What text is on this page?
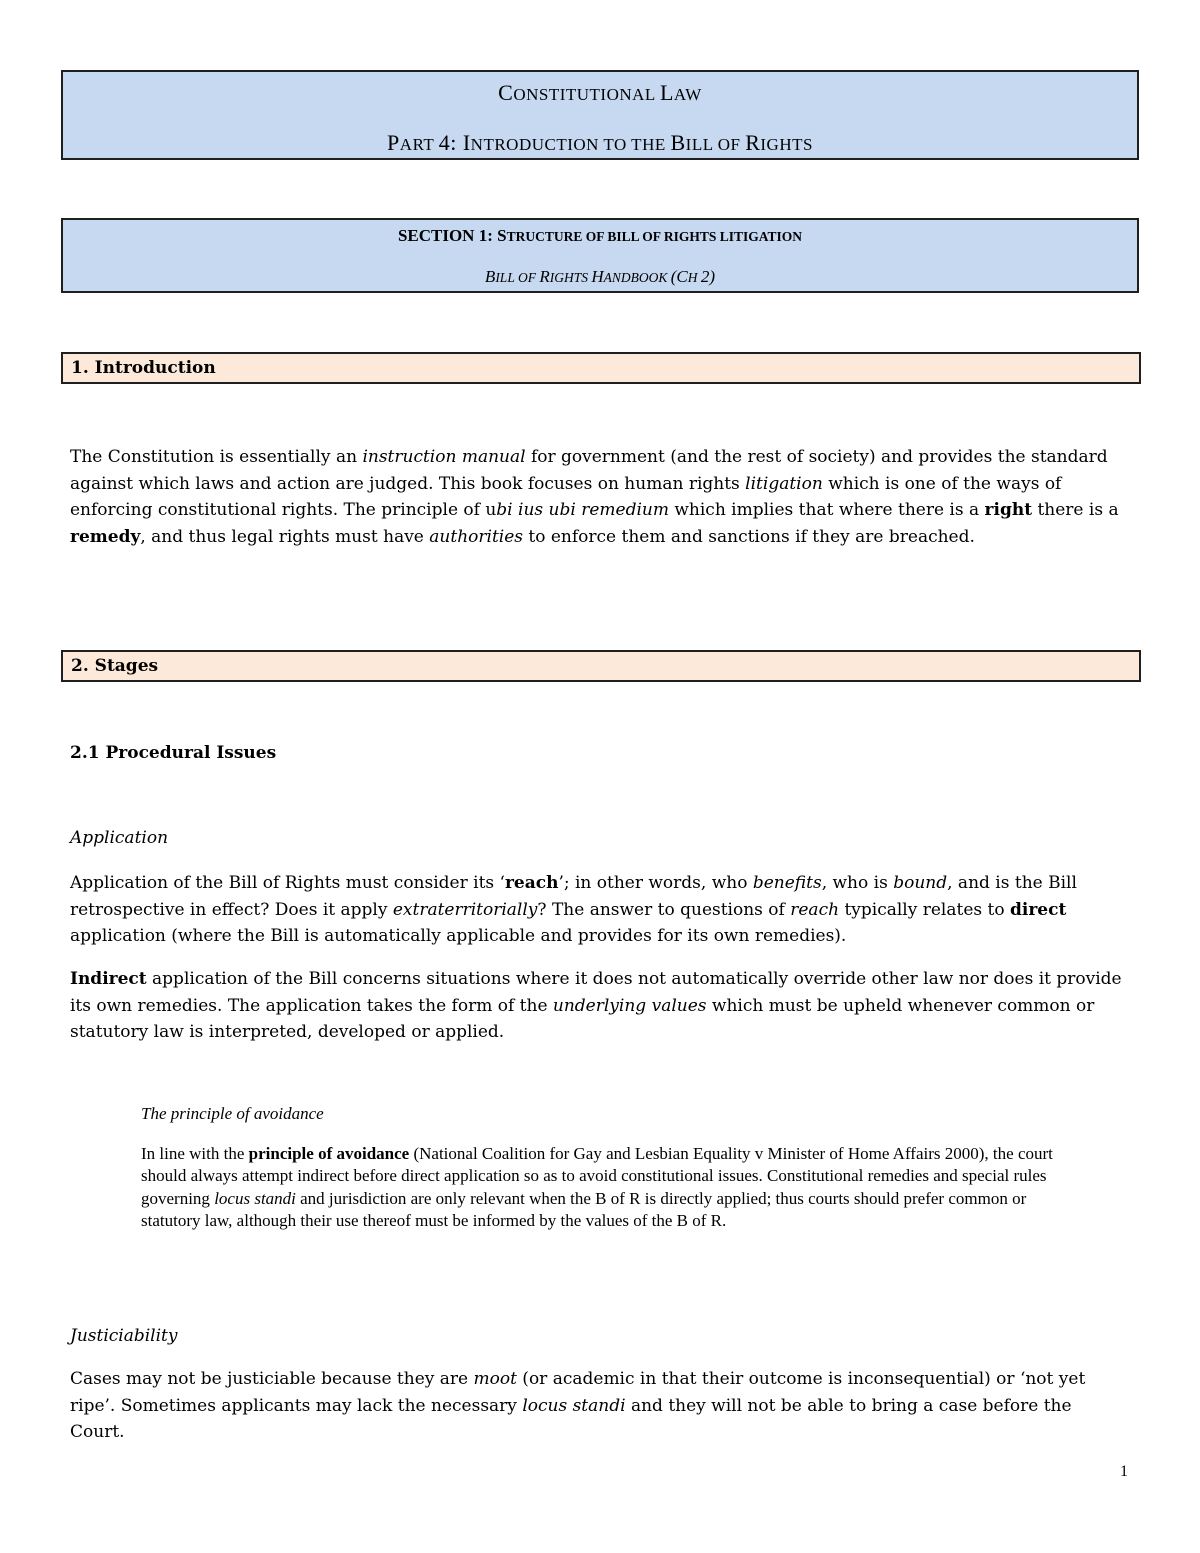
CONSTITUTIONAL LAW
PART 4: INTRODUCTION TO THE BILL OF RIGHTS
SECTION 1: STRUCTURE OF BILL OF RIGHTS LITIGATION
BILL OF RIGHTS HANDBOOK (CH 2)
1. Introduction
The Constitution is essentially an instruction manual for government (and the rest of society) and provides the standard against which laws and action are judged. This book focuses on human rights litigation which is one of the ways of enforcing constitutional rights. The principle of ubi ius ubi remedium which implies that where there is a right there is a remedy, and thus legal rights must have authorities to enforce them and sanctions if they are breached.
2. Stages
2.1 Procedural Issues
Application
Application of the Bill of Rights must consider its ‘reach’; in other words, who benefits, who is bound, and is the Bill retrospective in effect? Does it apply extraterritorially? The answer to questions of reach typically relates to direct application (where the Bill is automatically applicable and provides for its own remedies).
Indirect application of the Bill concerns situations where it does not automatically override other law nor does it provide its own remedies. The application takes the form of the underlying values which must be upheld whenever common or statutory law is interpreted, developed or applied.
The principle of avoidance
In line with the principle of avoidance (National Coalition for Gay and Lesbian Equality v Minister of Home Affairs 2000), the court should always attempt indirect before direct application so as to avoid constitutional issues. Constitutional remedies and special rules governing locus standi and jurisdiction are only relevant when the B of R is directly applied; thus courts should prefer common or statutory law, although their use thereof must be informed by the values of the B of R.
Justiciability
Cases may not be justiciable because they are moot (or academic in that their outcome is inconsequential) or ‘not yet ripe’. Sometimes applicants may lack the necessary locus standi and they will not be able to bring a case before the Court.
1
